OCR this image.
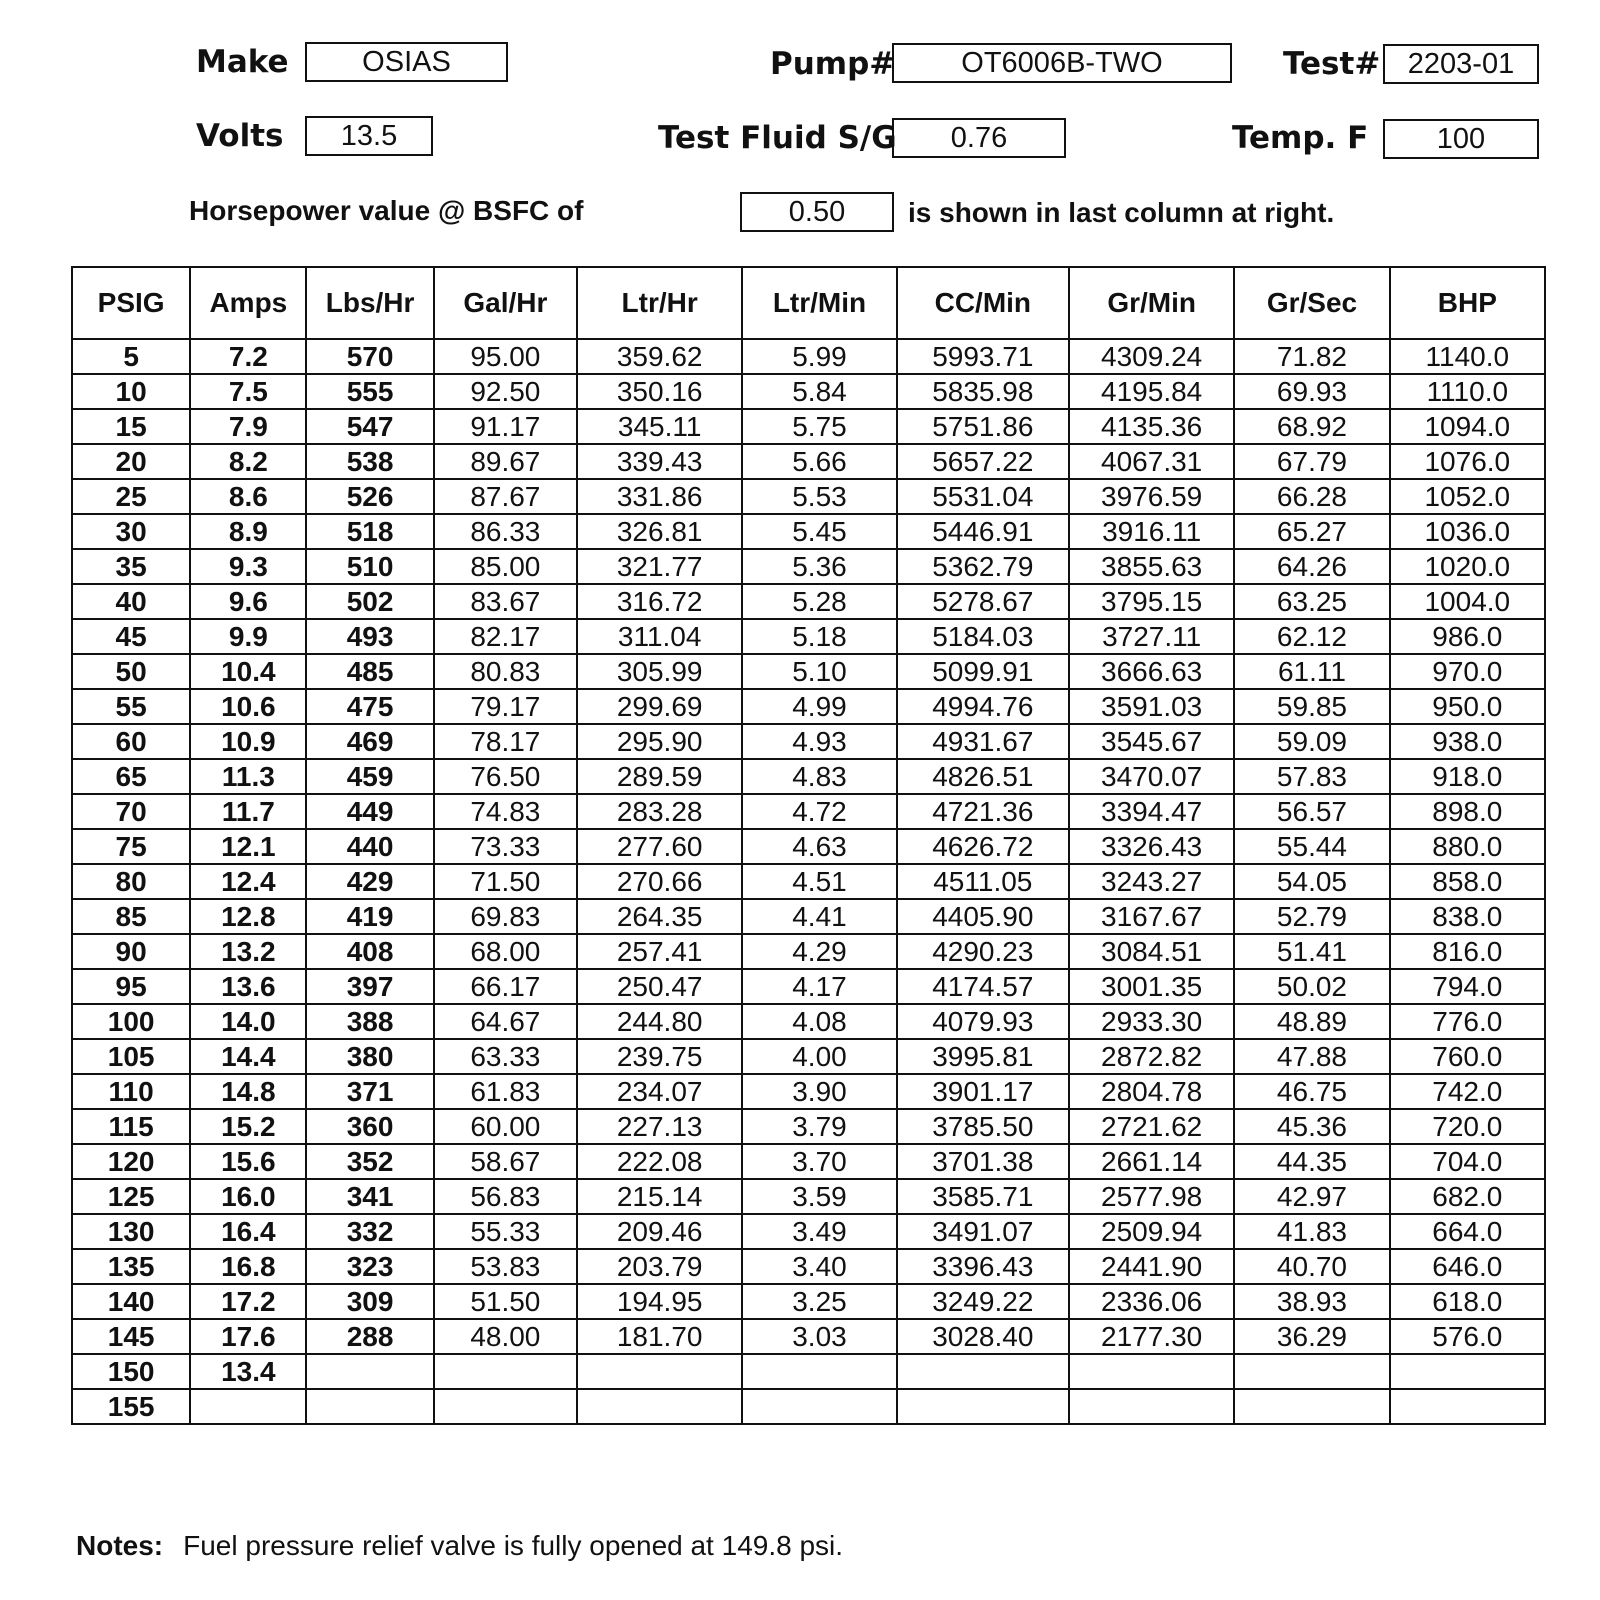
Make	OSIAS	Pump#	OT6006B-TWO	Test# 2203-01
Volts	13.5	Test Fluid S/G	0.76	Temp. F	100
Horsepower value @ BSFC of	0.50	is shown in last column at right.
PSIG	Amps	Lbs/Hr	Gal/Hr	Ltr/Hr	Ltr/Min	CC/Min	Gr/Min	Gr/Sec	BHP
5	7.2	570	95.00	359.62	5.99	5993.71	4309.24	71.82	1140.0
10	7.5	555	92.50	350.16	5.84	5835.98	4195.84	69.93	1110.0
15	7.9	547	91.17	345.11	5.75	5751.86	4135.36	68.92	1094.0
20	8.2	538	89.67	339.43	5.66	5657.22	4067.31	67.79	1076.0
25	8.6	526	87.67	331.86	5.53	5531.04	3976.59	66.28	1052.0
30	8.9	518	86.33	326.81	5.45	5446.91	3916.11	65.27	1036.0
35	9.3	510	85.00	321.77	5.36	5362.79	3855.63	64.26	1020.0
40	9.6	502	83.67	316.72	5.28	5278.67	3795.15	63.25	1004.0
45	9.9	493	82.17	311.04	5.18	5184.03	3727.11	62.12	986.0
50	10.4	485	80.83	305.99	5.10	5099.91	3666.63	61.11	970.0
55	10.6	475	79.17	299.69	4.99	4994.76	3591.03	59.85	950.0
60	10.9	469	78.17	295.90	4.93	4931.67	3545.67	59.09	938.0
65	11.3	459	76.50	289.59	4.83	4826.51	3470.07	57.83	918.0
70	11.7	449	74.83	283.28	4.72	4721.36	3394.47	56.57	898.0
75	12.1	440	73.33	277.60	4.63	4626.72	3326.43	55.44	880.0
80	12.4	429	71.50	270.66	4.51	4511.05	3243.27	54.05	858.0
85	12.8	419	69.83	264.35	4.41	4405.90	3167.67	52.79	838.0
90	13.2	408	68.00	257.41	4.29	4290.23	3084.51	51.41	816.0
95	13.6	397	66.17	250.47	4.17	4174.57	3001.35	50.02	794.0
100	14.0	388	64.67	244.80	4.08	4079.93	2933.30	48.89	776.0
105	14.4	380	63.33	239.75	4.00	3995.81	2872.82	47.88	760.0
110	14.8	371	61.83	234.07	3.90	3901.17	2804.78	46.75	742.0
115	15.2	360	60.00	227.13	3.79	3785.50	2721.62	45.36	720.0
120	15.6	352	58.67	222.08	3.70	3701.38	2661.14	44.35	704.0
125	16.0	341	56.83	215.14	3.59	3585.71	2577.98	42.97	682.0
130	16.4	332	55.33	209.46	3.49	3491.07	2509.94	41.83	664.0
135	16.8	323	53.83	203.79	3.40	3396.43	2441.90	40.70	646.0
140	17.2	309	51.50	194.95	3.25	3249.22	2336.06	38.93	618.0
145	17.6	288	48.00	181.70	3.03	3028.40	2177.30	36.29	576.0
150	13.4								
155									
Notes: Fuel pressure relief valve is fully opened at 149.8 psi.
